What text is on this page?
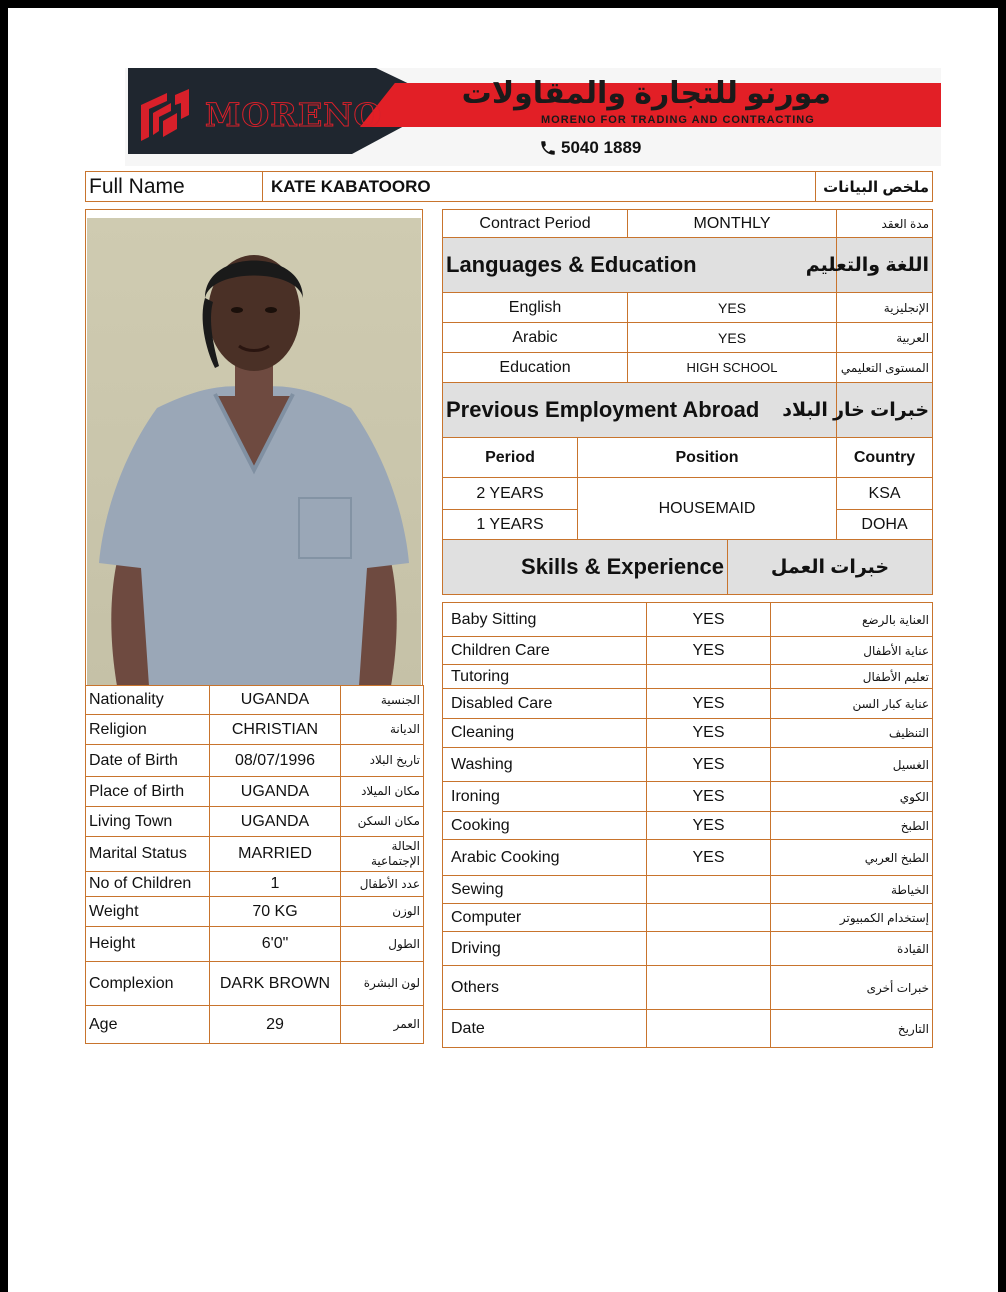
MORENO
مورنو للتجارة والمقاولات
MORENO FOR TRADING AND CONTRACTING
5040 1889
Full Name	KATE KABATOORO	ملخص البيانات
Nationality	UGANDA	الجنسية
Religion	CHRISTIAN	الديانة
Date of Birth	08/07/1996	تاريخ البلاد
Place of Birth	UGANDA	مكان الميلاد
Living Town	UGANDA	مكان السكن
Marital Status	MARRIED	الحالة الإجتماعية
No of Children	1	عدد الأطفال
Weight	70 KG	الوزن
Height	6'0"	الطول
Complexion	DARK BROWN	لون البشرة
Age	29	العمر
Contract Period		MONTHLY		مدة العقد
Languages & Education				اللغة والتعليم
English		YES		الإنجليزية
Arabic		YES		العربية
Education		HIGH SCHOOL		المستوى التعليمي
Previous Employment Abroad				خبرات خار البلاد
Period	Position			Country
2 YEARS	HOUSEMAID			KSA
1 YEARS				DOHA
Skills & Experience			خبرات العمل	
Baby Sitting	YES	العناية بالرضع
Children Care	YES	عناية الأطفال
Tutoring		تعليم الأطفال
Disabled Care	YES	عناية كبار السن
Cleaning	YES	التنظيف
Washing	YES	الغسيل
Ironing	YES	الكوي
Cooking	YES	الطبخ
Arabic Cooking	YES	الطبخ العربي
Sewing		الخياطة
Computer		إستخدام الكمبيوتر
Driving		القيادة
Others		خبرات أخرى
Date		التاريخ
